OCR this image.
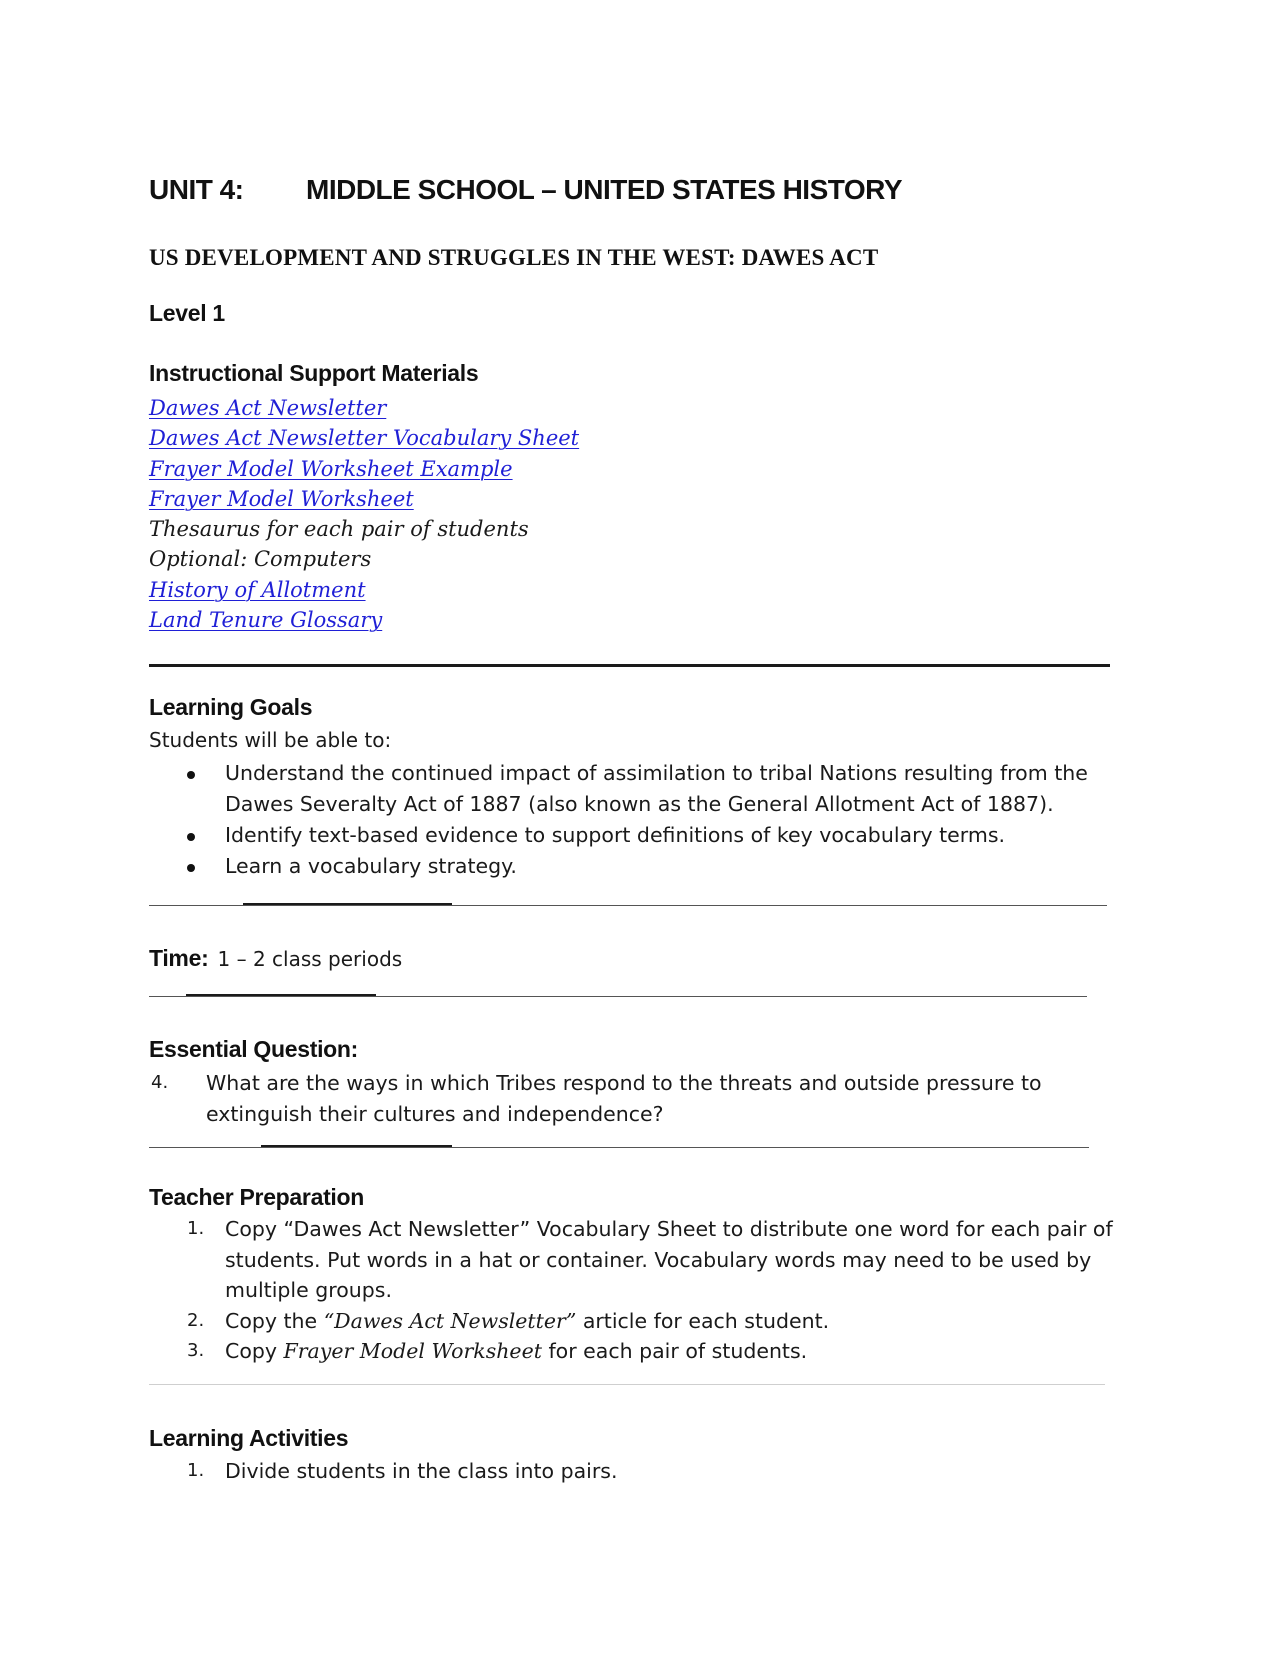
UNIT 4: MIDDLE SCHOOL – UNITED STATES HISTORY
US DEVELOPMENT AND STRUGGLES IN THE WEST: DAWES ACT
Level 1
Instructional Support Materials
Dawes Act Newsletter
Dawes Act Newsletter Vocabulary Sheet
Frayer Model Worksheet Example
Frayer Model Worksheet
Thesaurus for each pair of students
Optional: Computers
History of Allotment
Land Tenure Glossary
Learning Goals
Students will be able to:
Understand the continued impact of assimilation to tribal Nations resulting from the Dawes Severalty Act of 1887 (also known as the General Allotment Act of 1887).
Identify text-based evidence to support definitions of key vocabulary terms.
Learn a vocabulary strategy.
Time: 1 – 2 class periods
Essential Question:
4. What are the ways in which Tribes respond to the threats and outside pressure to extinguish their cultures and independence?
Teacher Preparation
1. Copy “Dawes Act Newsletter” Vocabulary Sheet to distribute one word for each pair of students. Put words in a hat or container. Vocabulary words may need to be used by multiple groups.
2. Copy the “Dawes Act Newsletter” article for each student.
3. Copy Frayer Model Worksheet for each pair of students.
Learning Activities
1. Divide students in the class into pairs.
